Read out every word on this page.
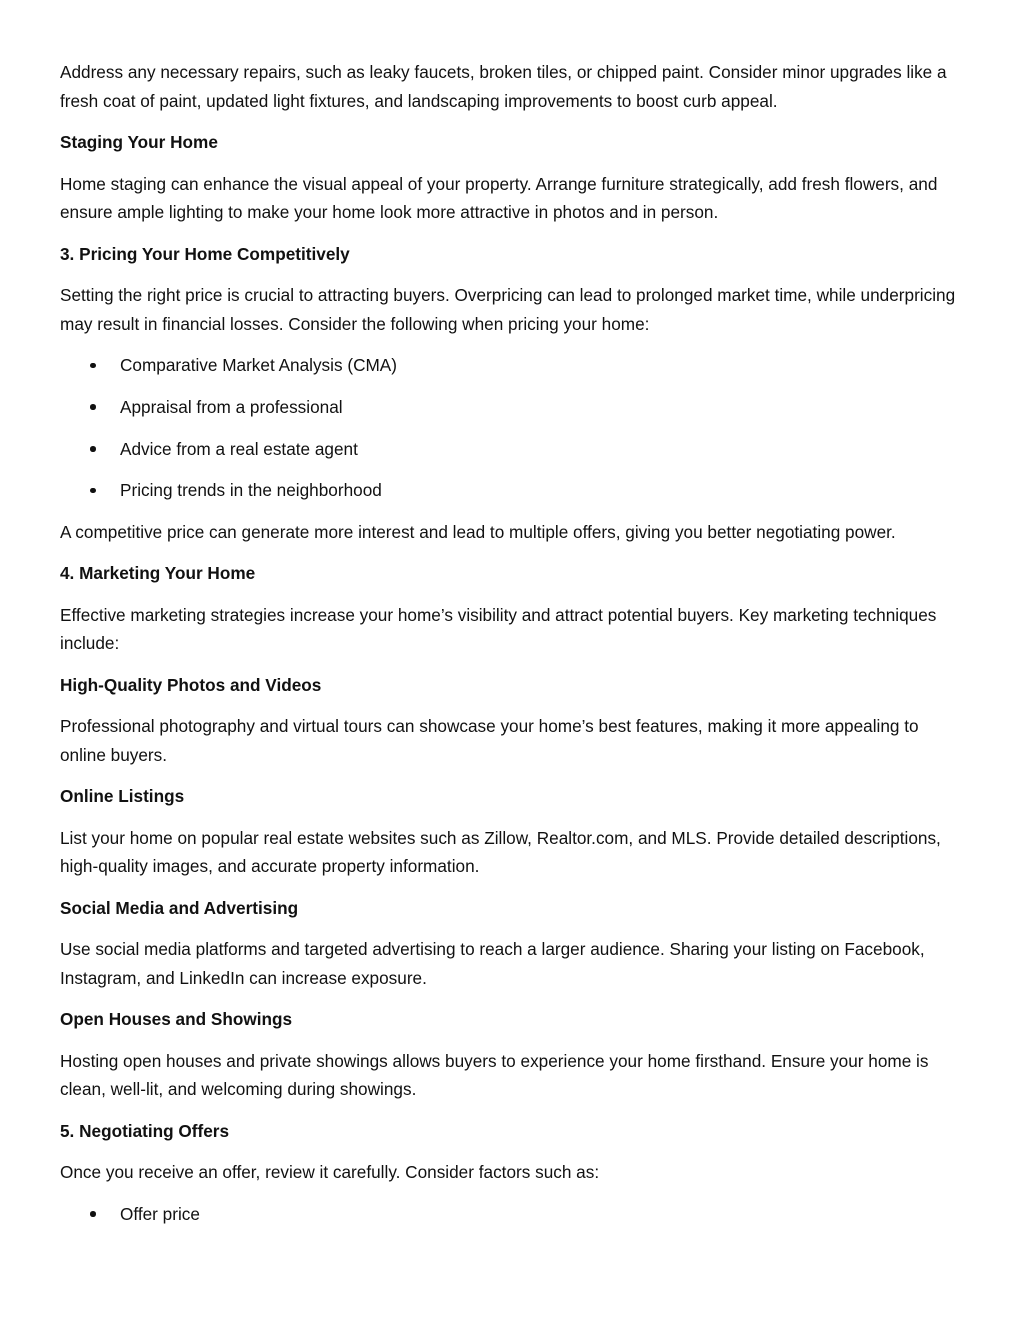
Address any necessary repairs, such as leaky faucets, broken tiles, or chipped paint. Consider minor upgrades like a fresh coat of paint, updated light fixtures, and landscaping improvements to boost curb appeal.

Staging Your Home

Home staging can enhance the visual appeal of your property. Arrange furniture strategically, add fresh flowers, and ensure ample lighting to make your home look more attractive in photos and in person.

3. Pricing Your Home Competitively

Setting the right price is crucial to attracting buyers. Overpricing can lead to prolonged market time, while underpricing may result in financial losses. Consider the following when pricing your home:

Comparative Market Analysis (CMA)
Appraisal from a professional
Advice from a real estate agent
Pricing trends in the neighborhood

A competitive price can generate more interest and lead to multiple offers, giving you better negotiating power.

4. Marketing Your Home

Effective marketing strategies increase your home’s visibility and attract potential buyers. Key marketing techniques include:

High-Quality Photos and Videos

Professional photography and virtual tours can showcase your home’s best features, making it more appealing to online buyers.

Online Listings

List your home on popular real estate websites such as Zillow, Realtor.com, and MLS. Provide detailed descriptions, high-quality images, and accurate property information.

Social Media and Advertising

Use social media platforms and targeted advertising to reach a larger audience. Sharing your listing on Facebook, Instagram, and LinkedIn can increase exposure.

Open Houses and Showings

Hosting open houses and private showings allows buyers to experience your home firsthand. Ensure your home is clean, well-lit, and welcoming during showings.

5. Negotiating Offers

Once you receive an offer, review it carefully. Consider factors such as:

Offer price
